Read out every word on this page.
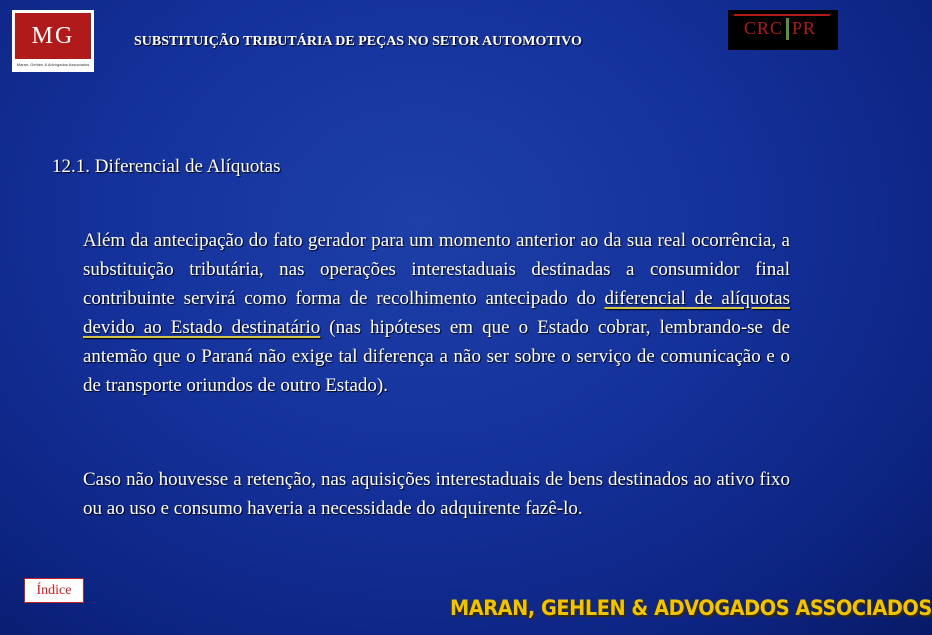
MG
Maran, Gehlen & Advogados Associados
SUBSTITUIÇÃO TRIBUTÁRIA DE PEÇAS NO SETOR AUTOMOTIVO
CRC PR
12.1. Diferencial de Alíquotas
Além da antecipação do fato gerador para um momento anterior ao da sua real ocorrência, a substituição tributária, nas operações interestaduais destinadas a consumidor final contribuinte servirá como forma de recolhimento antecipado do diferencial de alíquotas devido ao Estado destinatário (nas hipóteses em que o Estado cobrar, lembrando-se de antemão que o Paraná não exige tal diferença a não ser sobre o serviço de comunicação e o de transporte oriundos de outro Estado).
Caso não houvesse a retenção, nas aquisições interestaduais de bens destinados ao ativo fixo ou ao uso e consumo haveria a necessidade do adquirente fazê-lo.
Índice
MARAN, GEHLEN & ADVOGADOS ASSOCIADOS
